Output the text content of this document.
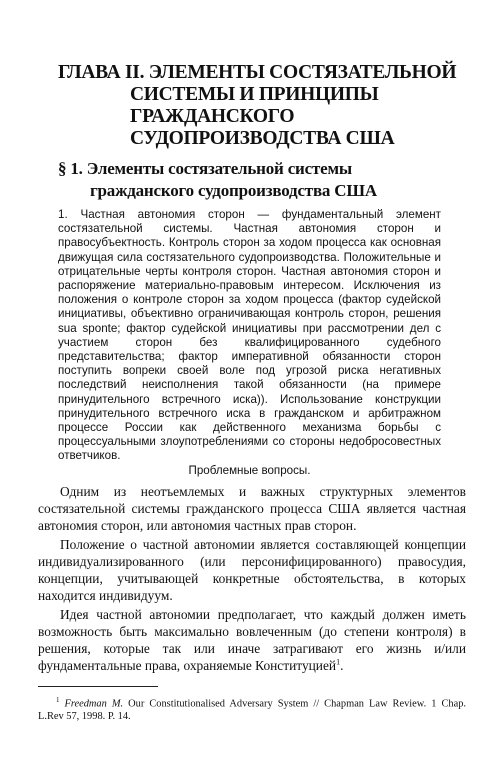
ГЛАВА II. ЭЛЕМЕНТЫ СОСТЯЗАТЕЛЬНОЙ
СИСТЕМЫ И ПРИНЦИПЫ
ГРАЖДАНСКОГО
СУДОПРОИЗВОДСТВА США
§ 1. Элементы состязательной системы
гражданского судопроизводства США
1. Частная автономия сторон — фундаментальный элемент состязательной системы. Частная автономия сторон и правосубъектность. Контроль сторон за ходом процесса как основная движущая сила состязательного судопроизводства. Положительные и отрицательные черты контроля сторон. Частная автономия сторон и распоряжение материально-правовым интересом. Исключения из положения о контроле сторон за ходом процесса (фактор судейской инициативы, объективно ограничивающая контроль сторон, решения sua sponte; фактор судейской инициативы при рассмотрении дел с участием сторон без квалифицированного судебного представительства; фактор императивной обязанности сторон поступить вопреки своей воле под угрозой риска негативных последствий неисполнения такой обязанности (на примере принудительного встречного иска)). Использование конструкции принудительного встречного иска в гражданском и арбитражном процессе России как действенного механизма борьбы с процессуальными злоупотреблениями со стороны недобросовестных ответчиков.
Проблемные вопросы.

Одним из неотъемлемых и важных структурных элементов состязательной системы гражданского процесса США является частная автономия сторон, или автономия частных прав сторон.

Положение о частной автономии является составляющей концепции индивидуализированного (или персонифицированного) правосудия, концепции, учитывающей конкретные обстоятельства, в которых находится индивидуум.

Идея частной автономии предполагает, что каждый должен иметь возможность быть максимально вовлеченным (до степени контроля) в решения, которые так или иначе затрагивают его жизнь и/или фундаментальные права, охраняемые Конституцией$^1$.

$^1$ Freedman M. Our Constitutionalised Adversary System // Chapman Law Review. 1 Chap. L.Rev 57, 1998. P. 14.
